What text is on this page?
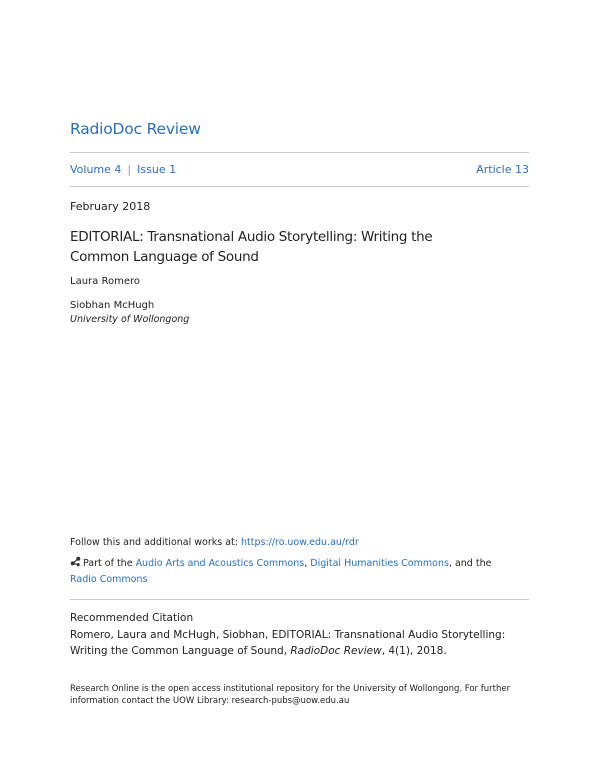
RadioDoc Review
Volume 4 | Issue 1	Article 13
February 2018
EDITORIAL: Transnational Audio Storytelling: Writing the Common Language of Sound
Laura Romero
Siobhan McHugh
University of Wollongong
Follow this and additional works at: https://ro.uow.edu.au/rdr
Part of the Audio Arts and Acoustics Commons, Digital Humanities Commons, and the Radio Commons
Recommended Citation
Romero, Laura and McHugh, Siobhan, EDITORIAL: Transnational Audio Storytelling: Writing the Common Language of Sound, RadioDoc Review, 4(1), 2018.
Research Online is the open access institutional repository for the University of Wollongong. For further information contact the UOW Library: research-pubs@uow.edu.au
